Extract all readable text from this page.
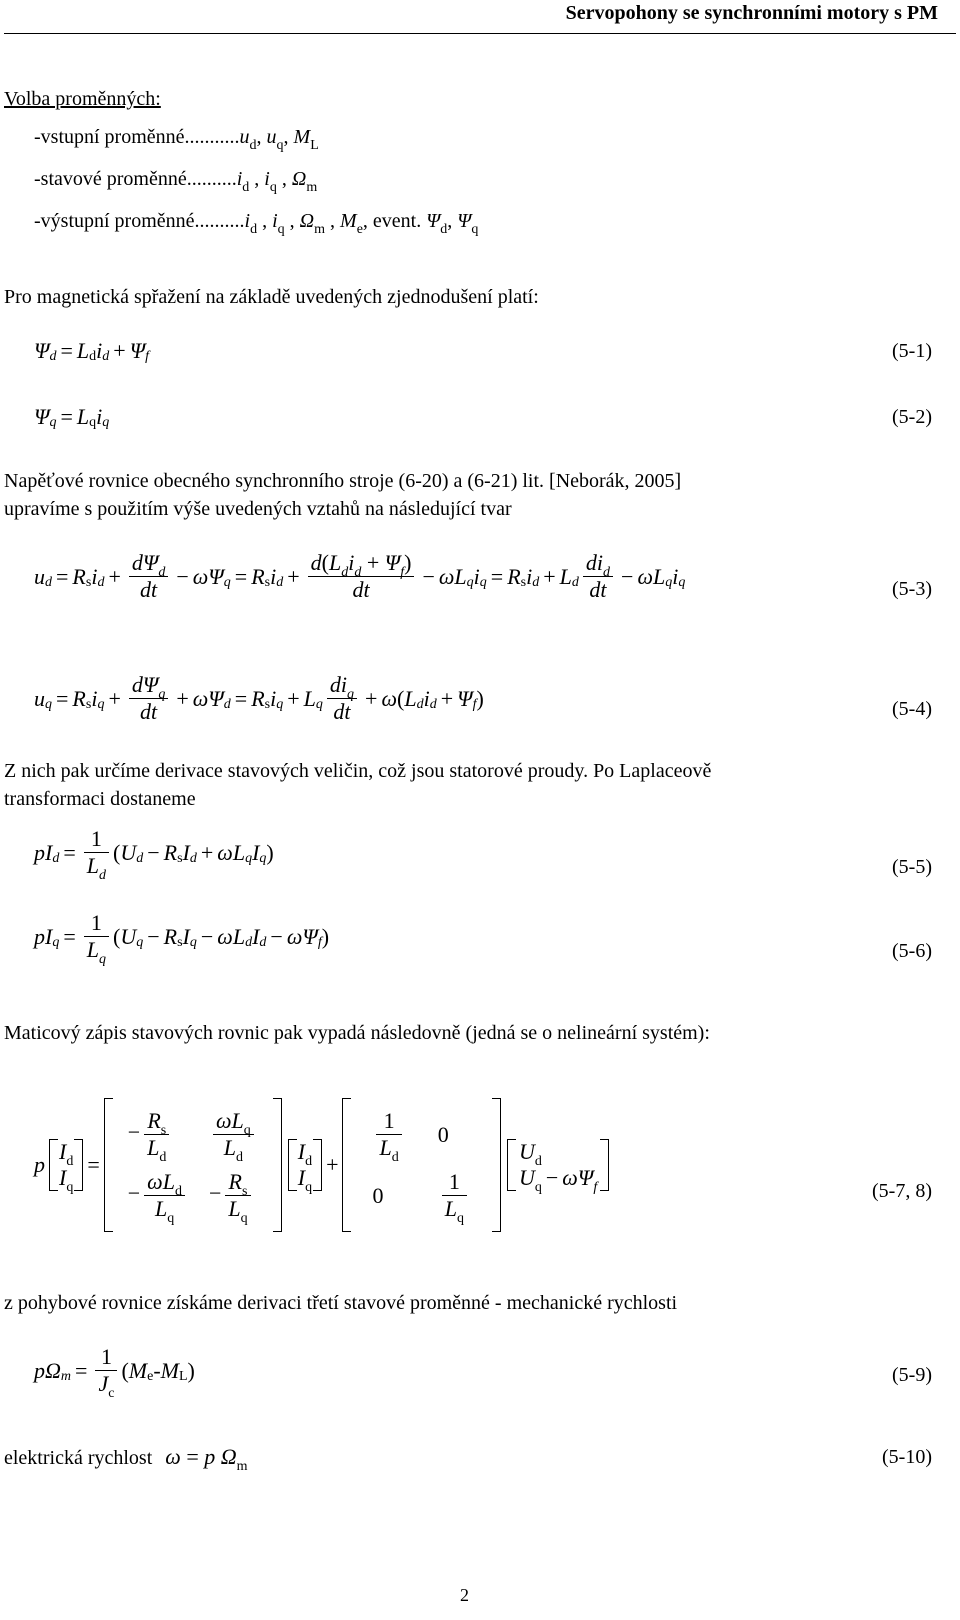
Servopohony se synchronními motory s PM
Volba proměnných:
-vstupní $proměnné...........u_d$, $u_q$, $M_L$
-stavové $proměnné..........i_d$ , $i_q$ , $\Omega_m$
-výstupní $proměnné..........i_d$ , $i_q$ , $\Omega_m$ , $M_e$, event. $\Psi_d$, $\Psi_q$
Pro magnetická spřažení na základě uvedených zjednodušení platí:
Ψ d = L d i d + Ψ f	(5-1)
Ψ q = L q i q	(5-2)
Napěťové rovnice obecného synchronního stroje (6-20) a (6-21) lit. [Neborák, 2005]
upravíme s použitím výše uvedených vztahů na následující tvar
u d = R s i $d + \frac{d\Psi_d}{dt} - \omega\Psi$ q = R s i $d + \frac{d(L_di_d + \Psi_f)}{dt} - \omega L$ q i q = R s i d + L d $\frac{di_d}{dt} - \omega L$ q i q	(5-3)
u q = R s i $q + \frac{d\Psi_q}{dt} + \omega\Psi$ d = R s i q + L q $\frac{di_q}{dt} + \omega$ ( L d i d + Ψ f )	(5-4)
Z nich pak určíme derivace stavových veličin, což jsou statorové proudy. Po Laplaceově
transformaci dostaneme
pI $d = \frac{1}{L_d}$ ( U d − R s I d + ωL q I q )
(5-5)
pI $q = \frac{1}{L_q}$ ( U q − R s I q − ωL d I d − ωΨ f )
(5-6)
Maticový zápis stavových rovnic pak vypadá následovně (jedná se o nelineární systém):
p
$I_d$
$I_q$
=
− $\frac{R_s}{L_d}$	$\frac{\omega L_q}{L_d}$

− $\frac{\omega L_d}{L_q}$	− $\frac{R_s}{L_q}$
$I_d$
$I_q$
+
$\frac{1}{L_d}$	0
0	$\frac{1}{L_q}$
$U_d$
$U_q - \omega\Psi_f$	(5-7, 8)
z pohybové rovnice získáme derivaci třetí stavové proměnné - mechanické rychlosti
pΩ $m = \frac{1}{J_c}$ ( M e - M L )	(5-9)
elektrická rychlost ω = p $\Omega_m$	(5-10)
2
